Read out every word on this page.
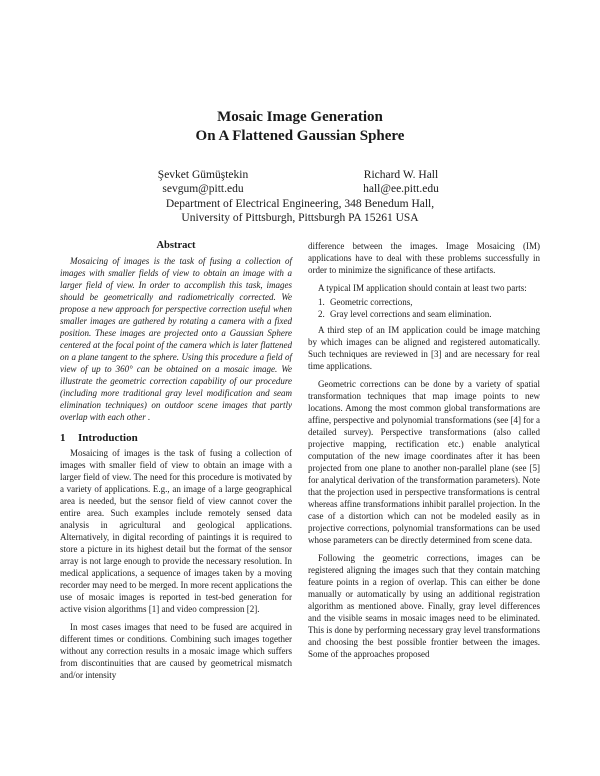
Mosaic Image Generation
On A Flattened Gaussian Sphere
Şevket Gümüştekin
sevgum@pitt.edu
Richard W. Hall
hall@ee.pitt.edu
Department of Electrical Engineering, 348 Benedum Hall,
University of Pittsburgh, Pittsburgh PA 15261 USA
Abstract

Mosaicing of images is the task of fusing a collection of images with smaller fields of view to obtain an image with a larger field of view. In order to accomplish this task, images should be geometrically and radiometrically corrected. We propose a new approach for perspective correction useful when smaller images are gathered by rotating a camera with a fixed position. These images are projected onto a Gaussian Sphere centered at the focal point of the camera which is later flattened on a plane tangent to the sphere. Using this procedure a field of view of up to 360° can be obtained on a mosaic image. We illustrate the geometric correction capability of our procedure (including more traditional gray level modification and seam elimination techniques) on outdoor scene images that partly overlap with each other .

1 Introduction

Mosaicing of images is the task of fusing a collection of images with smaller field of view to obtain an image with a larger field of view. The need for this procedure is motivated by a variety of applications. E.g., an image of a large geographical area is needed, but the sensor field of view cannot cover the entire area. Such examples include remotely sensed data analysis in agricultural and geological applications. Alternatively, in digital recording of paintings it is required to store a picture in its highest detail but the format of the sensor array is not large enough to provide the necessary resolution. In medical applications, a sequence of images taken by a moving recorder may need to be merged. In more recent applications the use of mosaic images is reported in test-bed generation for active vision algorithms [1] and video compression [2].

In most cases images that need to be fused are acquired in different times or conditions. Combining such images together without any correction results in a mosaic image which suffers from discontinuities that are caused by geometrical mismatch and/or intensity

difference between the images. Image Mosaicing (IM) applications have to deal with these problems successfully in order to minimize the significance of these artifacts.

A typical IM application should contain at least two parts:

1. Geometric corrections,
2. Gray level corrections and seam elimination.

A third step of an IM application could be image matching by which images can be aligned and registered automatically. Such techniques are reviewed in [3] and are necessary for real time applications.

Geometric corrections can be done by a variety of spatial transformation techniques that map image points to new locations. Among the most common global transformations are affine, perspective and polynomial transformations (see [4] for a detailed survey). Perspective transformations (also called projective mapping, rectification etc.) enable analytical computation of the new image coordinates after it has been projected from one plane to another non-parallel plane (see [5] for analytical derivation of the transformation parameters). Note that the projection used in perspective transformations is central whereas affine transformations inhibit parallel projection. In the case of a distortion which can not be modeled easily as in projective corrections, polynomial transformations can be used whose parameters can be directly determined from scene data.

Following the geometric corrections, images can be registered aligning the images such that they contain matching feature points in a region of overlap. This can either be done manually or automatically by using an additional registration algorithm as mentioned above. Finally, gray level differences and the visible seams in mosaic images need to be eliminated. This is done by performing necessary gray level transformations and choosing the best possible frontier between the images. Some of the approaches proposed
